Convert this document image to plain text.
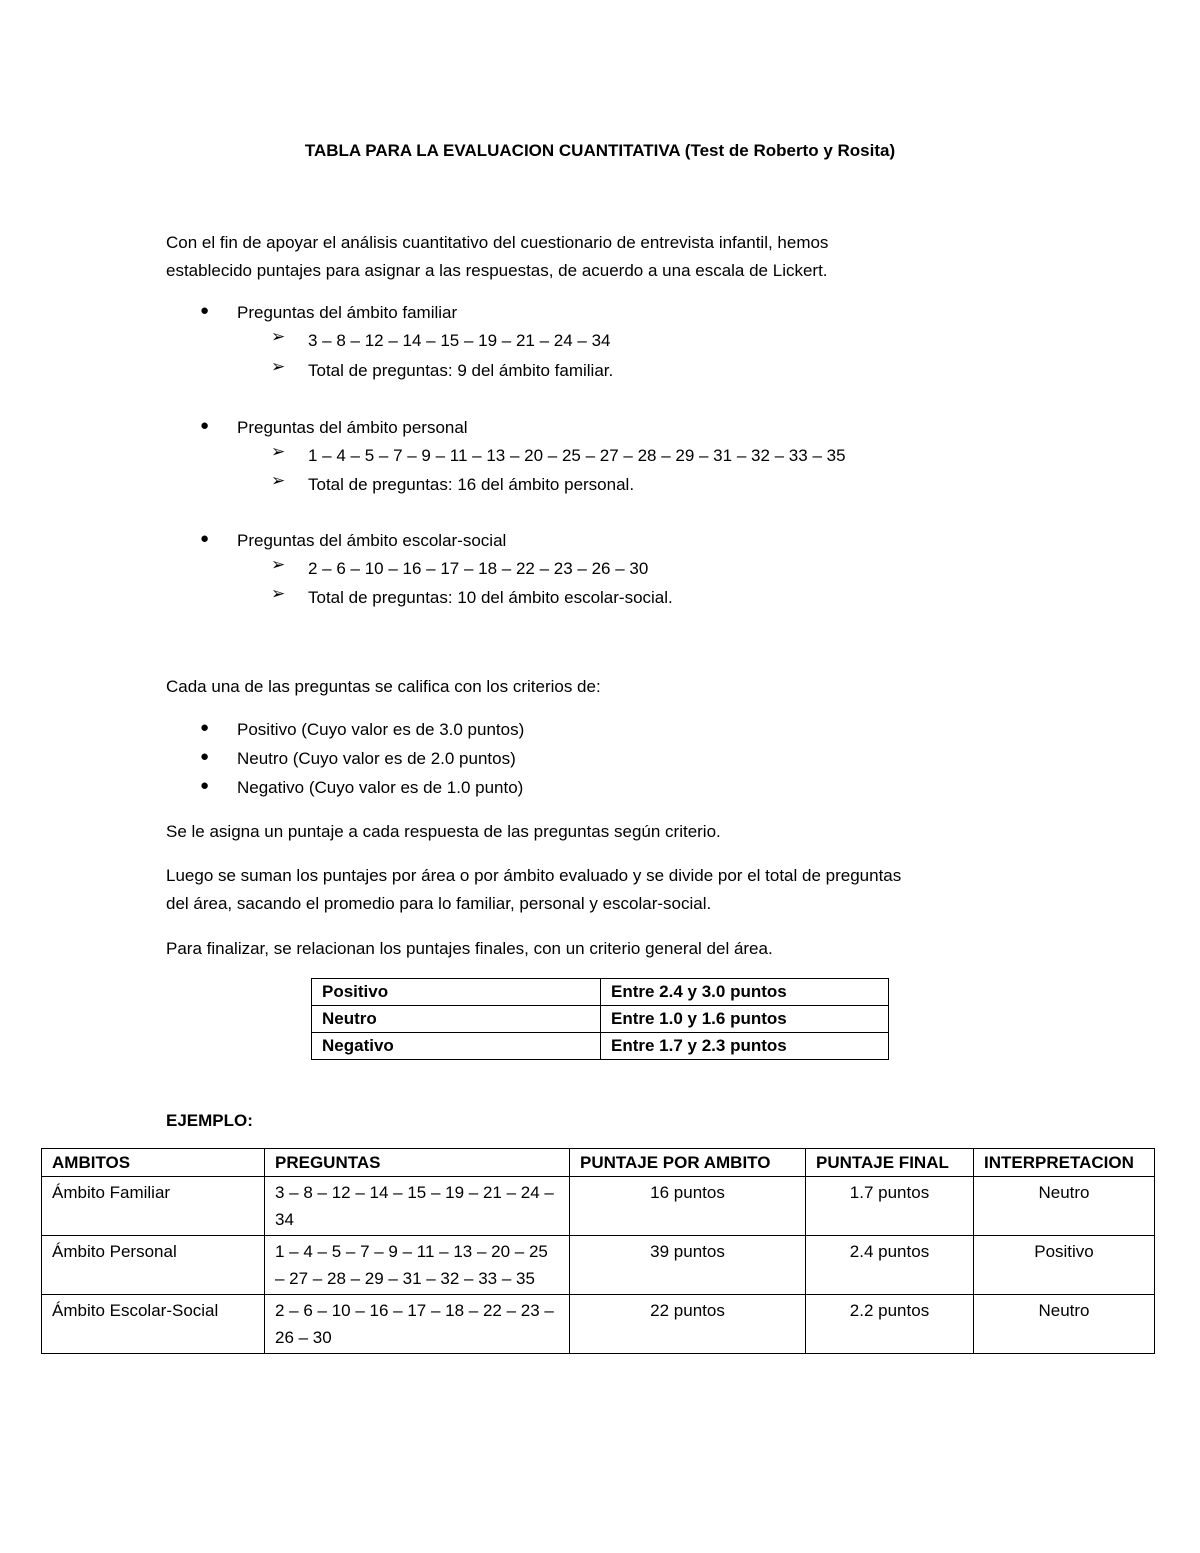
TABLA PARA LA EVALUACION CUANTITATIVA (Test de Roberto y Rosita)
Con el fin de apoyar el análisis cuantitativo del cuestionario de entrevista infantil, hemos
establecido puntajes para asignar a las respuestas, de acuerdo a una escala de Lickert.
● Preguntas del ámbito familiar
➢ 3 – 8 – 12 – 14 – 15 – 19 – 21 – 24 – 34
➢ Total de preguntas: 9 del ámbito familiar.
● Preguntas del ámbito personal
➢ 1 – 4 – 5 – 7 – 9 – 11 – 13 – 20 – 25 – 27 – 28 – 29 – 31 – 32 – 33 – 35
➢ Total de preguntas: 16 del ámbito personal.
● Preguntas del ámbito escolar-social
➢ 2 – 6 – 10 – 16 – 17 – 18 – 22 – 23 – 26 – 30
➢ Total de preguntas: 10 del ámbito escolar-social.
Cada una de las preguntas se califica con los criterios de:
● Positivo (Cuyo valor es de 3.0 puntos)
● Neutro (Cuyo valor es de 2.0 puntos)
● Negativo (Cuyo valor es de 1.0 punto)
Se le asigna un puntaje a cada respuesta de las preguntas según criterio.
Luego se suman los puntajes por área o por ámbito evaluado y se divide por el total de preguntas
del área, sacando el promedio para lo familiar, personal y escolar-social.
Para finalizar, se relacionan los puntajes finales, con un criterio general del área.
Positivo	Entre 2.4 y 3.0 puntos
Neutro	Entre 1.0 y 1.6 puntos
Negativo	Entre 1.7 y 2.3 puntos
EJEMPLO:
AMBITOS	PREGUNTAS	PUNTAJE POR AMBITO	PUNTAJE FINAL	INTERPRETACION
Ámbito Familiar	3 – 8 – 12 – 14 – 15 – 19 – 21 – 24 – 34	16 puntos	1.7 puntos	Neutro
Ámbito Personal	1 – 4 – 5 – 7 – 9 – 11 – 13 – 20 – 25 – 27 – 28 – 29 – 31 – 32 – 33 – 35	39 puntos	2.4 puntos	Positivo
Ámbito Escolar-Social	2 – 6 – 10 – 16 – 17 – 18 – 22 – 23 – 26 – 30	22 puntos	2.2 puntos	Neutro
